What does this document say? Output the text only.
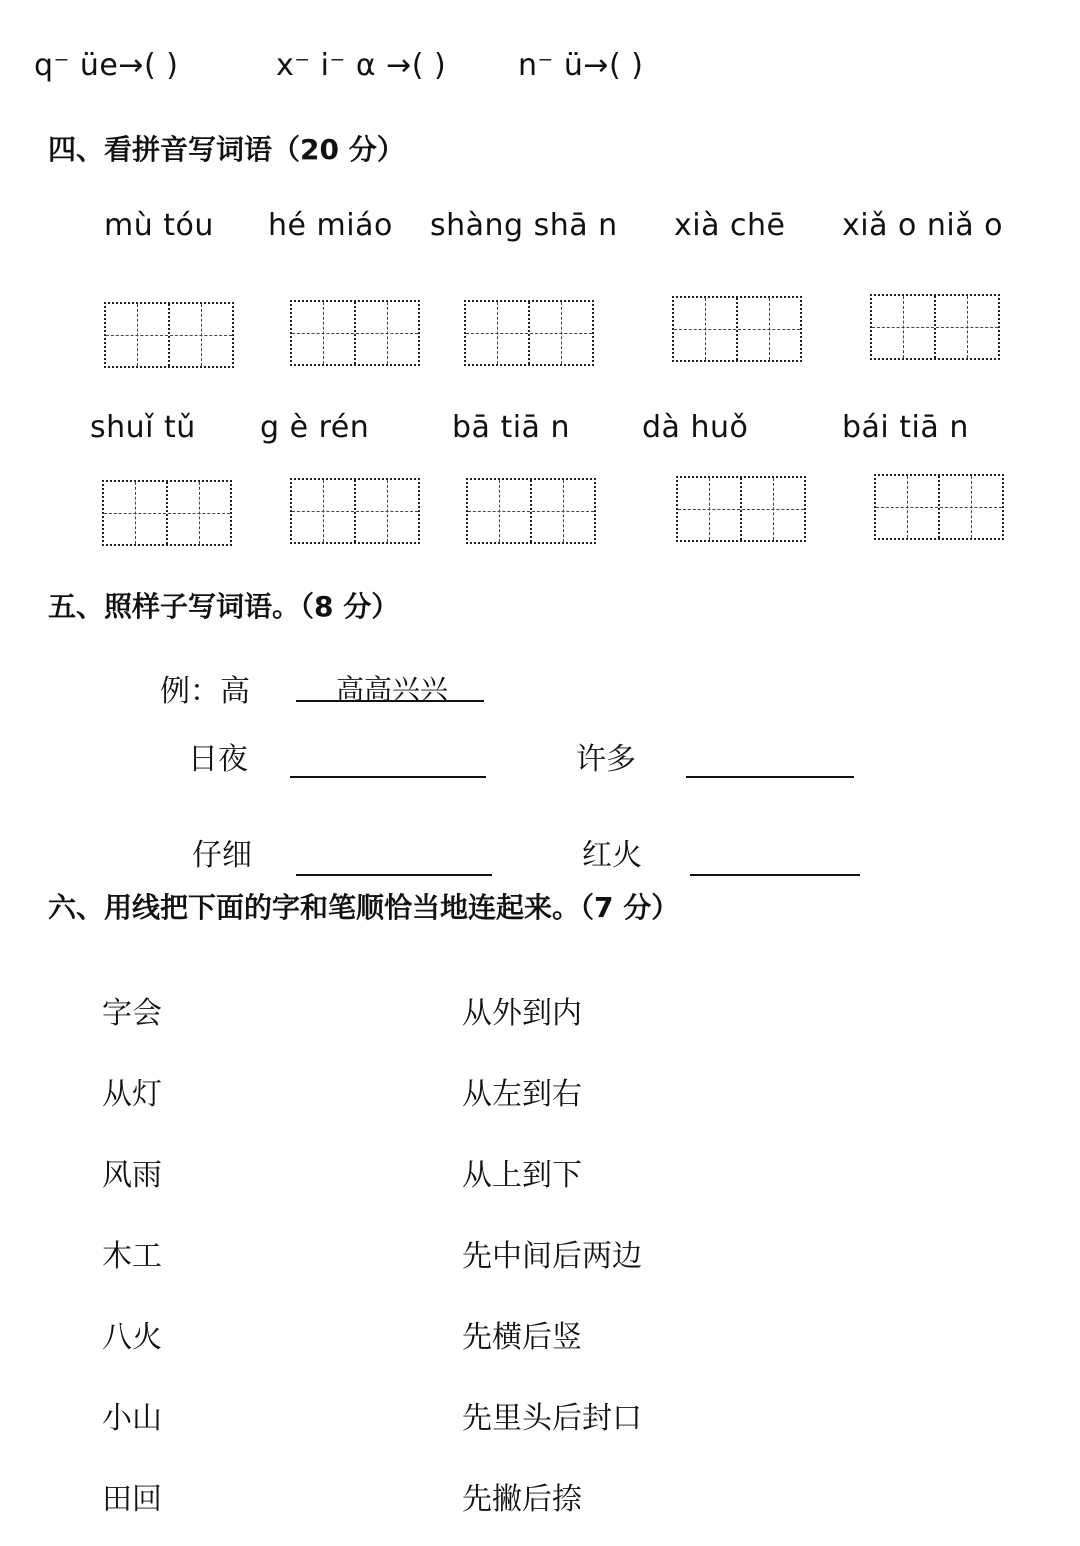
q⁻ üe→( )	x⁻ i⁻ α →( ) n⁻ ü→( )
四、看拼音写词语（20 分）
mù tóu hé miáo shàng shā n xià chē xiǎ o niǎ o
shuǐ tǔ g è rén	bā tiā n dà huǒ	bái tiā n
五、照样子写词语。（8 分）
例：高	高高兴兴
日夜	许多
仔细	红火
六、用线把下面的字和笔顺恰当地连起来。（7 分）
字会
从灯
风雨
木工
八火
小山
田回
从外到内
从左到右
从上到下
先中间后两边
先横后竖
先里头后封口
先撇后捺
